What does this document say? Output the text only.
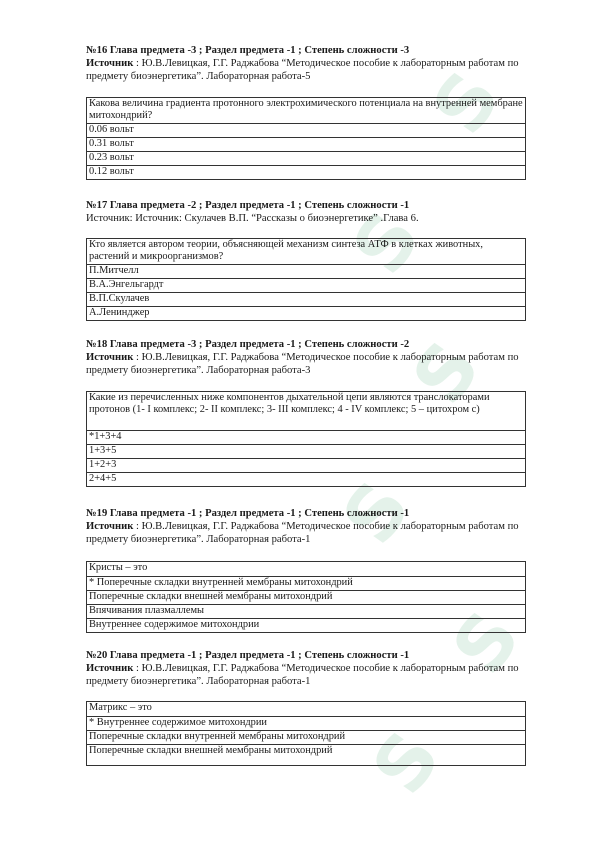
S
S
S
S
S
S
№16 Глава предмета -3 ; Раздел предмета -1 ; Степень сложности -3
Источник : Ю.В.Левицкая, Г.Г. Раджабова “Методическое пособие к лабораторным работам по предмету биоэнергетика”. Лабораторная работа-5
Какова величина градиента протонного электрохимического потенциала на внутренней мембране митохондрий?
0.06 вольт
0.31 вольт
0.23 вольт
0.12 вольт
№17 Глава предмета -2 ; Раздел предмета -1 ; Степень сложности -1
Источник: Источник: Скулачев В.П. “Рассказы о биоэнергетике” .Глава 6.
Кто является автором теории, объясняющей механизм синтеза АТФ в клетках животных, растений и микроорганизмов?
П.Митчелл
В.А.Энгельгардт
В.П.Скулачев
А.Ленинджер
№18 Глава предмета -3 ; Раздел предмета -1 ; Степень сложности -2
Источник : Ю.В.Левицкая, Г.Г. Раджабова “Методическое пособие к лабораторным работам по предмету биоэнергетика”. Лабораторная работа-3
Какие из перечисленных ниже компонентов дыхательной цепи являются транслокаторами протонов (1- I комплекс; 2- II комплекс; 3- III комплекс; 4 - IV комплекс; 5 – цитохром с)
*1+3+4
1+3+5
1+2+3
2+4+5
№19 Глава предмета -1 ; Раздел предмета -1 ; Степень сложности -1
Источник : Ю.В.Левицкая, Г.Г. Раджабова “Методическое пособие к лабораторным работам по предмету биоэнергетика”. Лабораторная работа-1
Кристы – это
* Поперечные складки внутренней мембраны митохондрий
Поперечные складки внешней мембраны митохондрий
Впячивания плазмаллемы
Внутреннее содержимое митохондрии
№20 Глава предмета -1 ; Раздел предмета -1 ; Степень сложности -1
Источник : Ю.В.Левицкая, Г.Г. Раджабова “Методическое пособие к лабораторным работам по предмету биоэнергетика”. Лабораторная работа-1
Матрикс – это
* Внутреннее содержимое митохондрии
Поперечные складки внутренней мембраны митохондрий
Поперечные складки внешней мембраны митохондрий
